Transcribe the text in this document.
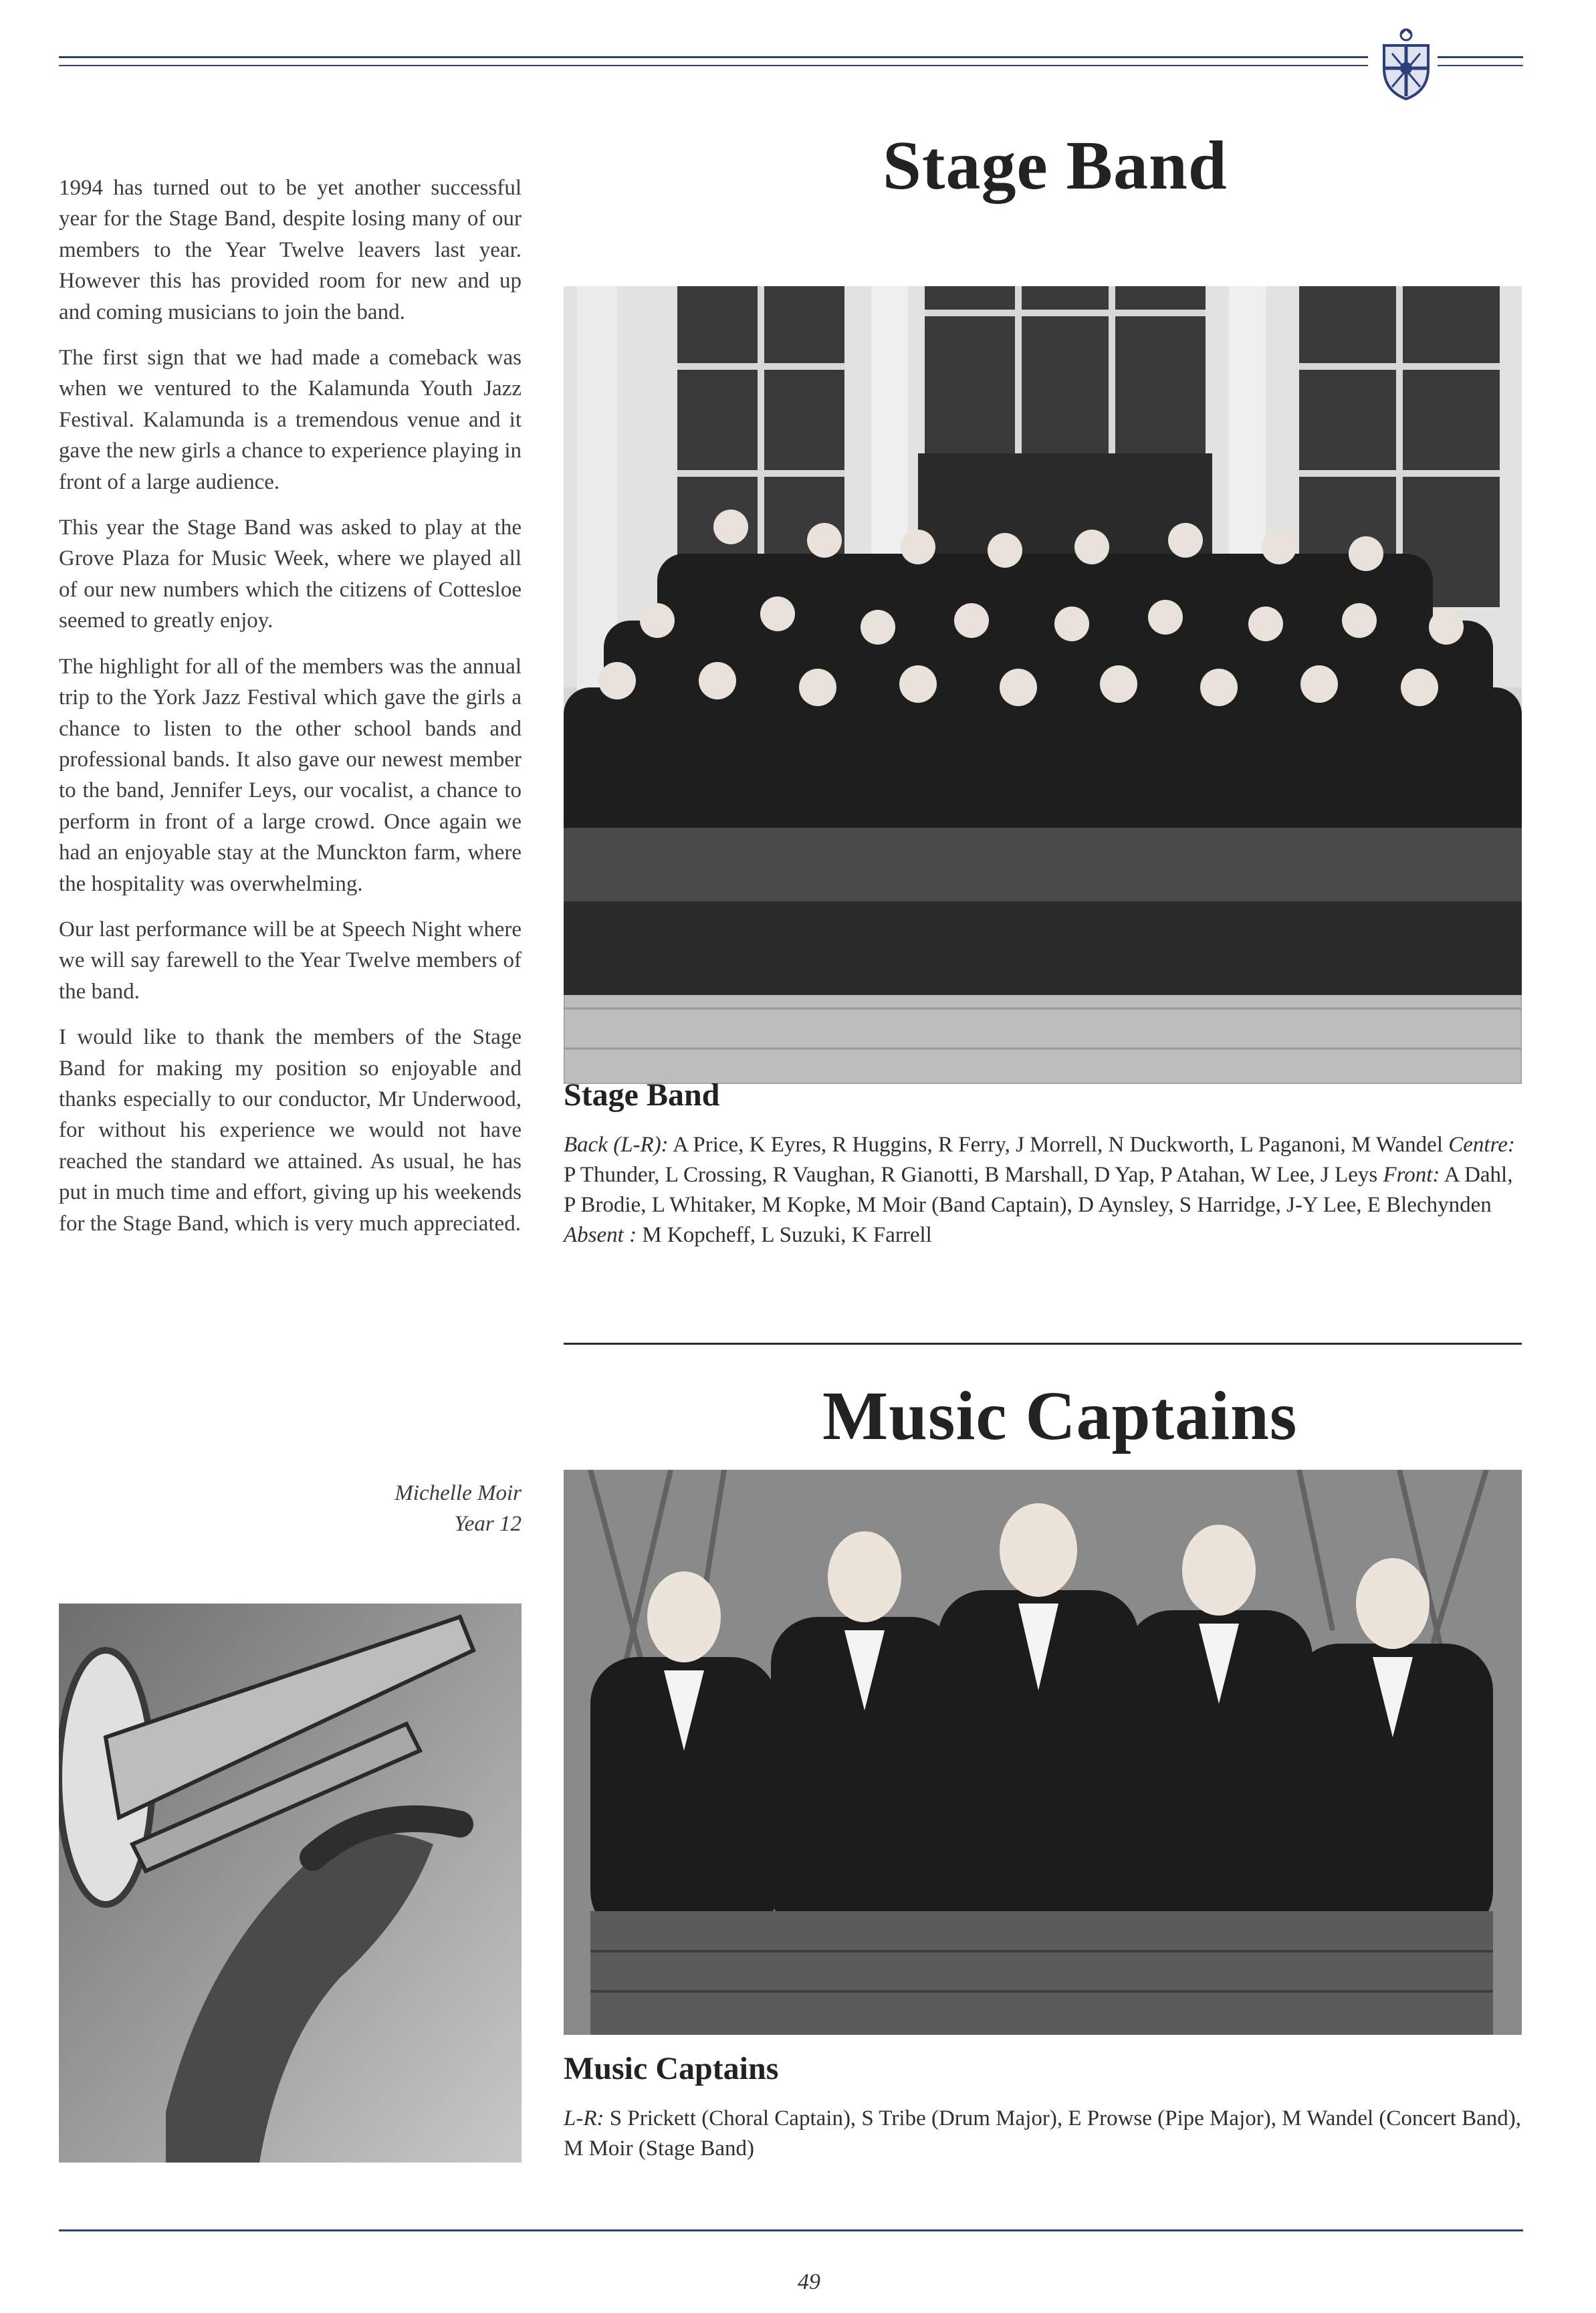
1994 has turned out to be yet another successful year for the Stage Band, despite losing many of our members to the Year Twelve leavers last year. However this has provided room for new and up and coming musicians to join the band.

The first sign that we had made a comeback was when we ventured to the Kalamunda Youth Jazz Festival. Kalamunda is a tremendous venue and it gave the new girls a chance to experience playing in front of a large audience.

This year the Stage Band was asked to play at the Grove Plaza for Music Week, where we played all of our new numbers which the citizens of Cottesloe seemed to greatly enjoy.

The highlight for all of the members was the annual trip to the York Jazz Festival which gave the girls a chance to listen to the other school bands and professional bands. It also gave our newest member to the band, Jennifer Leys, our vocalist, a chance to perform in front of a large crowd. Once again we had an enjoyable stay at the Munckton farm, where the hospitality was overwhelming.

Our last performance will be at Speech Night where we will say farewell to the Year Twelve members of the band.

I would like to thank the members of the Stage Band for making my position so enjoyable and thanks especially to our conductor, Mr Underwood, for without his experience we would not have reached the standard we attained. As usual, he has put in much time and effort, giving up his weekends for the Stage Band, which is very much appreciated.

Michelle Moir
Year 12
Stage Band
Stage Band
Back (L-R): A Price, K Eyres, R Huggins, R Ferry, J Morrell, N Duckworth, L Paganoni, M Wandel Centre: P Thunder, L Crossing, R Vaughan, R Gianotti, B Marshall, D Yap, P Atahan, W Lee, J Leys Front: A Dahl, P Brodie, L Whitaker, M Kopke, M Moir (Band Captain), D Aynsley, S Harridge, J-Y Lee, E Blechynden Absent : M Kopcheff, L Suzuki, K Farrell
Music Captains
Music Captains
L-R: S Prickett (Choral Captain), S Tribe (Drum Major), E Prowse (Pipe Major), M Wandel (Concert Band), M Moir (Stage Band)
49
